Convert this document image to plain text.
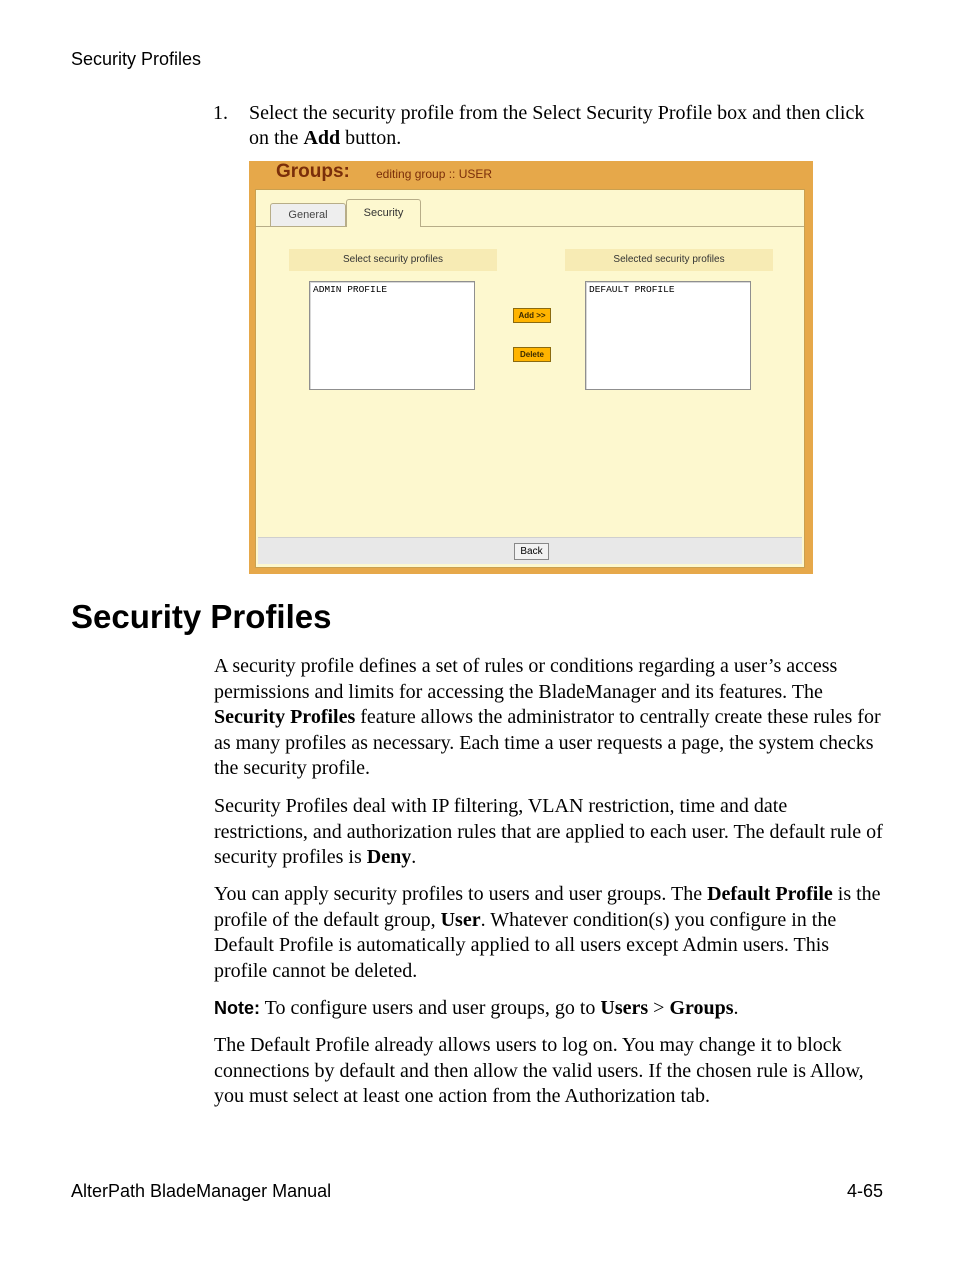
Security Profiles
1. Select the security profile from the Select Security Profile box and then click on the Add button.
Groups: editing group :: USER
General	Security
Select security profiles	Selected security profiles
ADMIN PROFILE	DEFAULT PROFILE
Add >>
Delete
Back
Security Profiles
A security profile defines a set of rules or conditions regarding a user’s access permissions and limits for accessing the BladeManager and its features. The Security Profiles feature allows the administrator to centrally create these rules for as many profiles as necessary. Each time a user requests a page, the system checks the security profile.
Security Profiles deal with IP filtering, VLAN restriction, time and date restrictions, and authorization rules that are applied to each user. The default rule of security profiles is Deny.
You can apply security profiles to users and user groups. The Default Profile is the profile of the default group, User. Whatever condition(s) you configure in the Default Profile is automatically applied to all users except Admin users. This profile cannot be deleted.
Note: To configure users and user groups, go to Users > Groups.
The Default Profile already allows users to log on. You may change it to block connections by default and then allow the valid users. If the chosen rule is Allow, you must select at least one action from the Authorization tab.
AlterPath BladeManager Manual	4-65
